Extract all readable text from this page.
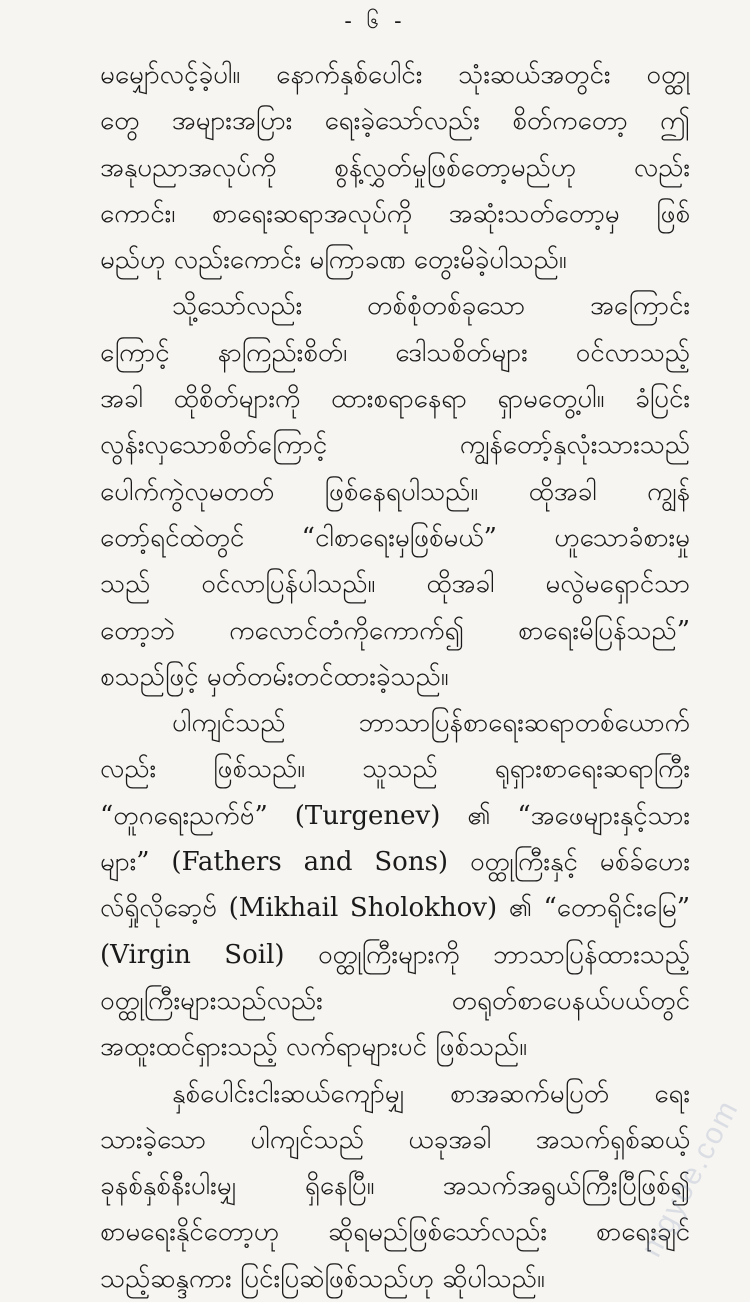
- ၆ -

မမျှော်လင့်ခဲ့ပါ။ နောက်နှစ်ပေါင်း သုံးဆယ်အတွင်း ဝတ္ထု
တွေ အများအပြား ရေးခဲ့သော်လည်း စိတ်ကတော့ ဤ
အနုပညာအလုပ်ကို စွန့်လွှတ်မှုဖြစ်တော့မည်ဟု လည်း
ကောင်း၊ စာရေးဆရာအလုပ်ကို အဆုံးသတ်တော့မှ ဖြစ်
မည်ဟု လည်းကောင်း မကြာခဏ တွေးမိခဲ့ပါသည်။

သို့သော်လည်း တစ်စုံတစ်ခုသော အကြောင်း
ကြောင့် နာကြည်းစိတ်၊ ဒေါသစိတ်များ ဝင်လာသည့်
အခါ ထိုစိတ်များကို ထားစရာနေရာ ရှာမတွေ့ပါ။ ခံပြင်း
လွန်းလှသောစိတ်ကြောင့် ကျွန်တော့်နှလုံးသားသည်
ပေါက်ကွဲလုမတတ် ဖြစ်နေရပါသည်။ ထိုအခါ ကျွန်
တော့်ရင်ထဲတွင် “ငါစာရေးမှဖြစ်မယ်” ဟူသောခံစားမှု
သည် ဝင်လာပြန်ပါသည်။ ထိုအခါ မလွဲမရှောင်သာ
တော့ဘဲ ကလောင်တံကိုကောက်၍ စာရေးမိပြန်သည်”
စသည်ဖြင့် မှတ်တမ်းတင်ထားခဲ့သည်။

ပါကျင်သည် ဘာသာပြန်စာရေးဆရာတစ်ယောက်
လည်း ဖြစ်သည်။ သူသည် ရုရှားစာရေးဆရာကြီး
“တူဂရေးညက်ဗ်” (Turgenev) ၏ “အဖေများနှင့်သား
များ” (Fathers and Sons) ဝတ္ထုကြီးနှင့် မစ်ခ်ဟေး
လ်ရှိုလိုခော့ဗ် (Mikhail Sholokhov) ၏ “တောရိုင်းမြေ”
(Virgin Soil) ဝတ္ထုကြီးများကို ဘာသာပြန်ထားသည့်
ဝတ္ထုကြီးများသည်လည်း တရုတ်စာပေနယ်ပယ်တွင်
အထူးထင်ရှားသည့် လက်ရာများပင် ဖြစ်သည်။

နှစ်ပေါင်းငါးဆယ်ကျော်မျှ စာအဆက်မပြတ် ရေး
သားခဲ့သော ပါကျင်သည် ယခုအခါ အသက်ရှစ်ဆယ့်
ခုနစ်နှစ်နီးပါးမျှ ရှိနေပြီ။ အသက်အရွယ်ကြီးပြီဖြစ်၍
စာမရေးနိုင်တော့ဟု ဆိုရမည်ဖြစ်သော်လည်း စာရေးချင်
သည့်ဆန္ဒကား ပြင်းပြဆဲဖြစ်သည်ဟု ဆိုပါသည်။

mgyoe.com
